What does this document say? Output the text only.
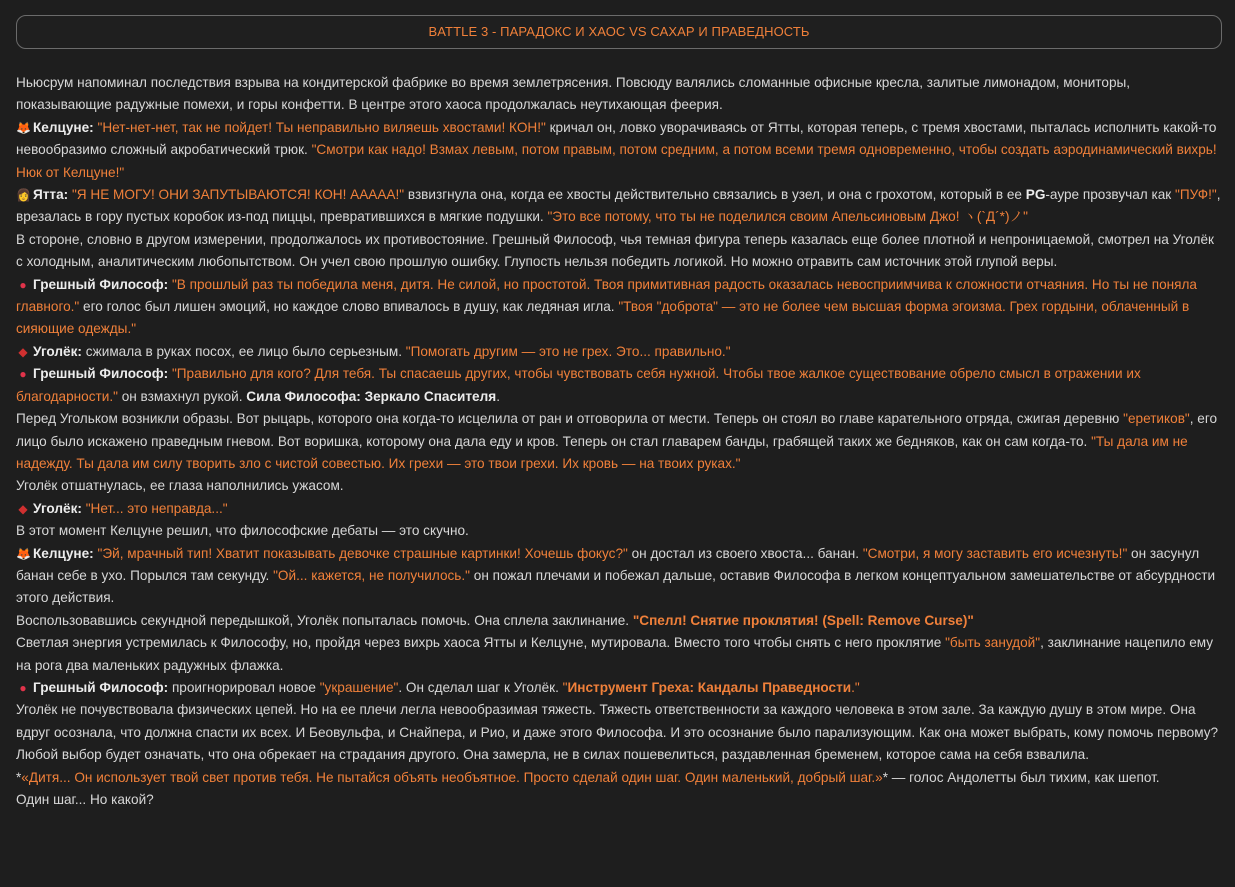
BATTLE 3 - ПАРАДОКС И ХАОС VS САХАР И ПРАВЕДНОСТЬ

Ньюсрум напоминал последствия взрыва на кондитерской фабрике во время землетрясения. Повсюду валялись сломанные офисные кресла, залитые лимонадом, мониторы, показывающие радужные помехи, и горы конфетти. В центре этого хаоса продолжалась неутихающая феерия.

🦊 Келцуне: "Нет-нет-нет, так не пойдет! Ты неправильно виляешь хвостами! КОН!" кричал он, ловко уворачиваясь от Ятты, которая теперь, с тремя хвостами, пыталась исполнить какой-то невообразимо сложный акробатический трюк. "Смотри как надо! Взмах левым, потом правым, потом средним, а потом всеми тремя одновременно, чтобы создать аэродинамический вихрь! Нюк от Келцуне!"

👩 Ятта: "Я НЕ МОГУ! ОНИ ЗАПУТЫВАЮТСЯ! КОН! ААААА!" взвизгнула она, когда ее хвосты действительно связались в узел, и она с грохотом, который в ее PG-ауре прозвучал как "ПУФ!", врезалась в гору пустых коробок из-под пиццы, превратившихся в мягкие подушки. "Это все потому, что ты не поделился своим Апельсиновым Джо! ヽ(`Д´*)ノ"

В стороне, словно в другом измерении, продолжалось их противостояние. Грешный Философ, чья темная фигура теперь казалась еще более плотной и непроницаемой, смотрел на Уголёк с холодным, аналитическим любопытством. Он учел свою прошлую ошибку. Глупость нельзя победить логикой. Но можно отравить сам источник этой глупой веры.

● Грешный Философ: "В прошлый раз ты победила меня, дитя. Не силой, но простотой. Твоя примитивная радость оказалась невосприимчива к сложности отчаяния. Но ты не поняла главного." его голос был лишен эмоций, но каждое слово впивалось в душу, как ледяная игла. "Твоя "доброта" — это не более чем высшая форма эгоизма. Грех гордыни, облаченный в сияющие одежды."

◆ Уголёк: сжимала в руках посох, ее лицо было серьезным. "Помогать другим — это не грех. Это... правильно."

● Грешный Философ: "Правильно для кого? Для тебя. Ты спасаешь других, чтобы чувствовать себя нужной. Чтобы твое жалкое существование обрело смысл в отражении их благодарности." он взмахнул рукой. Сила Философа: Зеркало Спасителя.

Перед Угольком возникли образы. Вот рыцарь, которого она когда-то исцелила от ран и отговорила от мести. Теперь он стоял во главе карательного отряда, сжигая деревню "еретиков", его лицо было искажено праведным гневом. Вот воришка, которому она дала еду и кров. Теперь он стал главарем банды, грабящей таких же бедняков, как он сам когда-то. "Ты дала им не надежду. Ты дала им силу творить зло с чистой совестью. Их грехи — это твои грехи. Их кровь — на твоих руках."

Уголёк отшатнулась, ее глаза наполнились ужасом.

◆ Уголёк: "Нет... это неправда..."

В этот момент Келцуне решил, что философские дебаты — это скучно.

🦊 Келцуне: "Эй, мрачный тип! Хватит показывать девочке страшные картинки! Хочешь фокус?" он достал из своего хвоста... банан. "Смотри, я могу заставить его исчезнуть!" он засунул банан себе в ухо. Порылся там секунду. "Ой... кажется, не получилось." он пожал плечами и побежал дальше, оставив Философа в легком концептуальном замешательстве от абсурдности этого действия.

Воспользовавшись секундной передышкой, Уголёк попыталась помочь. Она сплела заклинание. "Спелл! Снятие проклятия! (Spell: Remove Curse)"

Светлая энергия устремилась к Философу, но, пройдя через вихрь хаоса Ятты и Келцуне, мутировала. Вместо того чтобы снять с него проклятие "быть занудой", заклинание нацепило ему на рога два маленьких радужных флажка.

● Грешный Философ: проигнорировал новое "украшение". Он сделал шаг к Уголёк. "Инструмент Греха: Кандалы Праведности."

Уголёк не почувствовала физических цепей. Но на ее плечи легла невообразимая тяжесть. Тяжесть ответственности за каждого человека в этом зале. За каждую душу в этом мире. Она вдруг осознала, что должна спасти их всех. И Беовульфа, и Снайпера, и Рио, и даже этого Философа. И это осознание было парализующим. Как она может выбрать, кому помочь первому? Любой выбор будет означать, что она обрекает на страдания другого. Она замерла, не в силах пошевелиться, раздавленная бременем, которое сама на себя взвалила.

*«Дитя... Он использует твой свет против тебя. Не пытайся объять необъятное. Просто сделай один шаг. Один маленький, добрый шаг.»* — голос Андолетты был тихим, как шепот.

Один шаг... Но какой?
